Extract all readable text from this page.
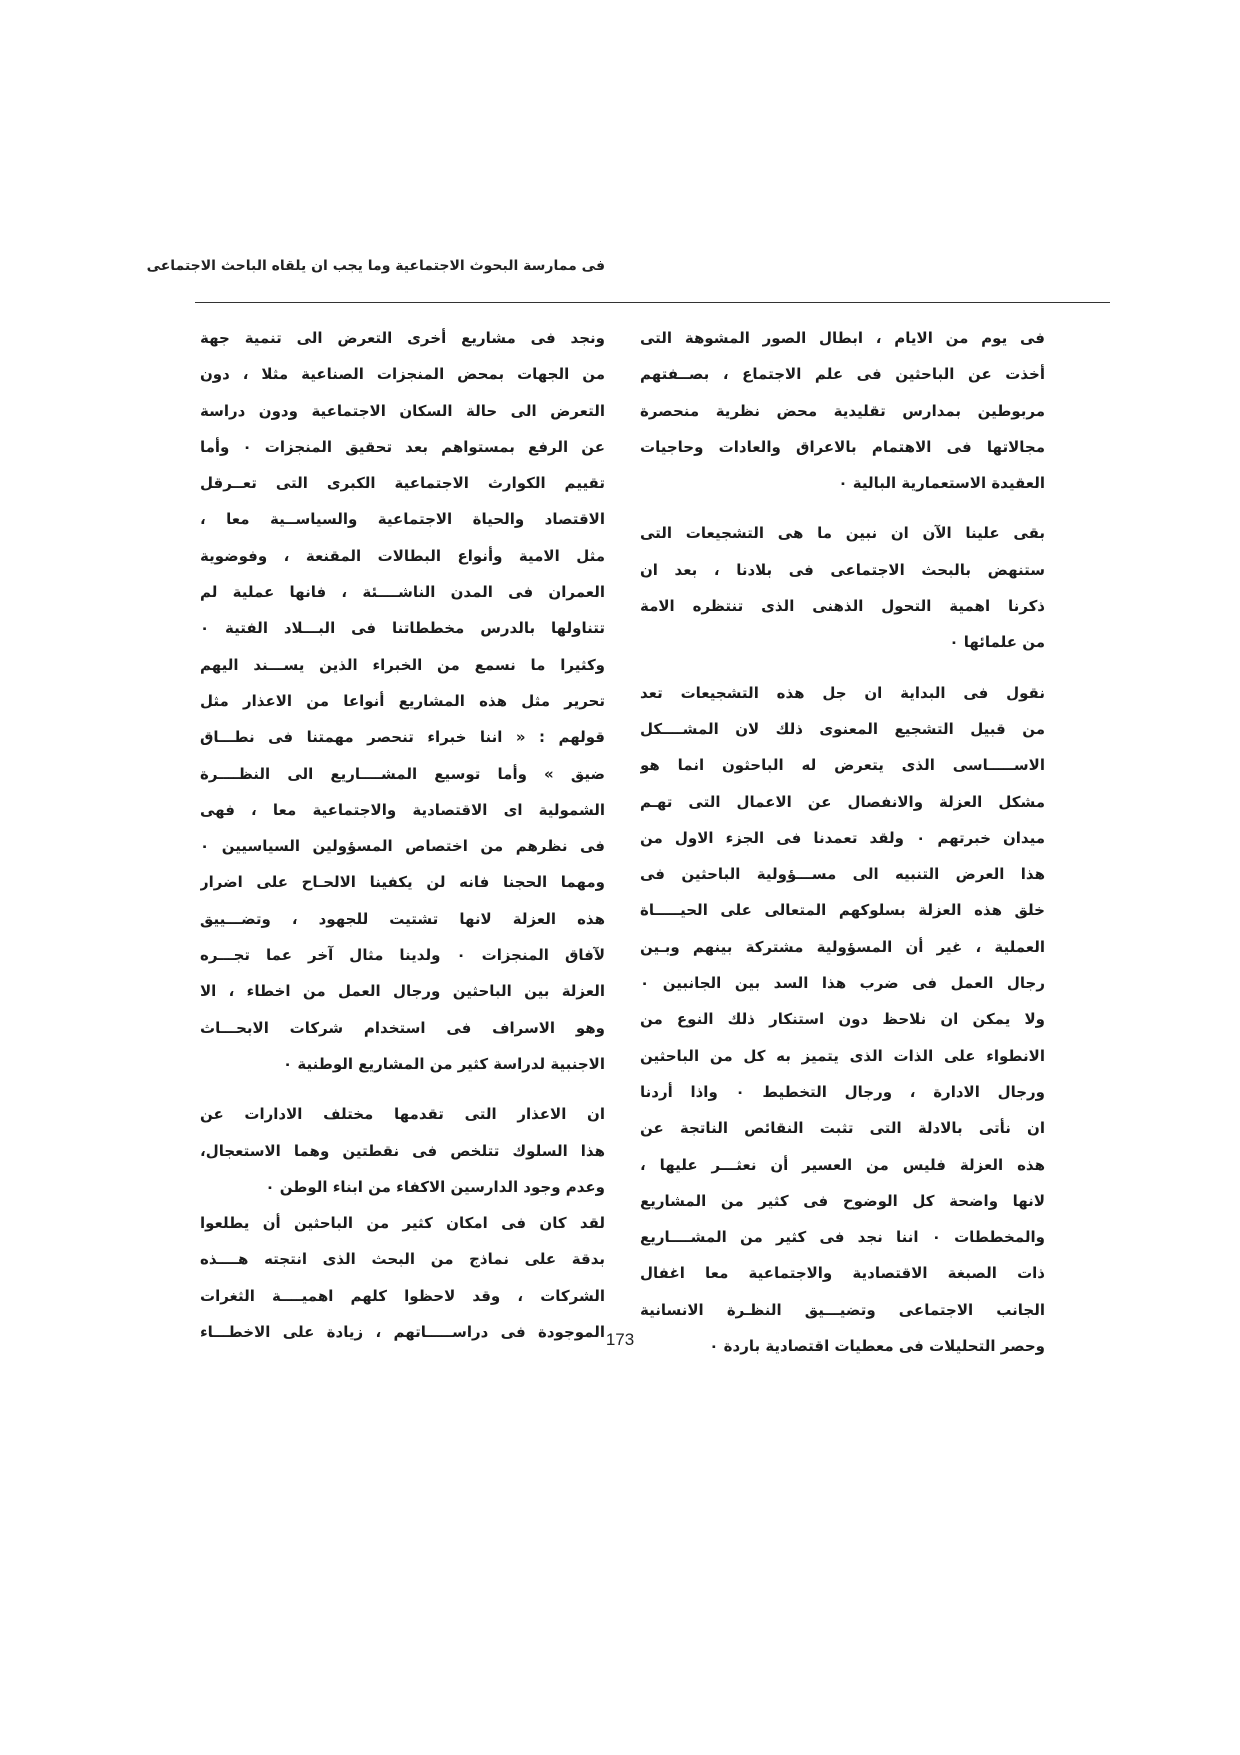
فى ممارسة البحوث الاجتماعية وما يجب ان يلقاه الباحث الاجتماعى
فى يوم من الايام ، ابطال الصور المشوهة التى
أخذت عن الباحثين فى علم الاجتماع ، بصــفتهم
مربوطين بمدارس تقليدية محض نظرية منحصرة
مجالاتها فى الاهتمام بالاعراق والعادات وحاجيات
العقيدة الاستعمارية البالية ٠
بقى علينا الآن ان نبين ما هى التشجيعات التى
ستنهض بالبحث الاجتماعى فى بلادنا ، بعد ان
ذكرنا اهمية التحول الذهنى الذى تنتظره الامة
من علمائها ٠
نقول فى البداية ان جل هذه التشجيعات تعد
من قبيل التشجيع المعنوى ذلك لان المشــــكل
الاســـــاسى الذى يتعرض له الباحثون انما هو
مشكل العزلة والانفصال عن الاعمال التى تهـم
ميدان خبرتهم ٠ ولقد تعمدنا فى الجزء الاول من
هذا العرض التنبيه الى مســـؤولية الباحثين فى
خلق هذه العزلة بسلوكهم المتعالى على الحيـــــاة
العملية ، غير أن المسؤولية مشتركة بينهم وبـين
رجال العمل فى ضرب هذا السد بين الجانبين ٠
ولا يمكن ان نلاحظ دون استنكار ذلك النوع من
الانطواء على الذات الذى يتميز به كل من الباحثين
ورجال الادارة ، ورجال التخطيط ٠ واذا أردنا
ان نأتى بالادلة التى تثبت النقائص الناتجة عن
هذه العزلة فليس من العسير أن نعثـــر عليها ،
لانها واضحة كل الوضوح فى كثير من المشاريع
والمخططات ٠ اننا نجد فى كثير من المشــــاريع
ذات الصبغة الاقتصادية والاجتماعية معا اغفال
الجانب الاجتماعى وتضيـــيق النظـرة الانسانية
وحصر التحليلات فى معطيات اقتصادية باردة ٠
ونجد فى مشاريع أخرى التعرض الى تنمية جهة
من الجهات بمحض المنجزات الصناعية مثلا ، دون
التعرض الى حالة السكان الاجتماعية ودون دراسة
عن الرفع بمستواهم بعد تحقيق المنجزات ٠ وأما
تقييم الكوارث الاجتماعية الكبرى التى تعــرقل
الاقتصاد والحياة الاجتماعية والسياســية معا ،
مثل الامية وأنواع البطالات المقنعة ، وفوضوية
العمران فى المدن الناشــــئة ، فانها عملية لم
تتناولها بالدرس مخططاتنا فى البـــلاد الفتية ٠
وكثيرا ما نسمع من الخبراء الذين يســـند اليهم
تحرير مثل هذه المشاريع أنواعا من الاعذار مثل
قولهم : « اننا خبراء تنحصر مهمتنا فى نطـــاق
ضيق » وأما توسيع المشــــاريع الى النظــــرة
الشمولية اى الاقتصادية والاجتماعية معا ، فهى
فى نظرهم من اختصاص المسؤولين السياسيين ٠
ومهما الحجنا فانه لن يكفينا الالحـاح على اضرار
هذه العزلة لانها تشتيت للجهود ، وتضـــييق
لآفاق المنجزات ٠ ولدينا مثال آخر عما تجـــره
العزلة بين الباحثين ورجال العمل من اخطاء ، الا
وهو الاسراف فى استخدام شركات الابحـــاث
الاجنبية لدراسة كثير من المشاريع الوطنية ٠
ان الاعذار التى تقدمها مختلف الادارات عن
هذا السلوك تتلخص فى نقطتين وهما الاستعجال،
وعدم وجود الدارسين الاكفاء من ابناء الوطن ٠
لقد كان فى امكان كثير من الباحثين أن يطلعوا
بدقة على نماذج من البحث الذى انتجته هــــذه
الشركات ، وقد لاحظوا كلهم اهميــــة الثغرات
الموجودة فى دراســـــاتهم ، زيادة على الاخطـــاء 173
